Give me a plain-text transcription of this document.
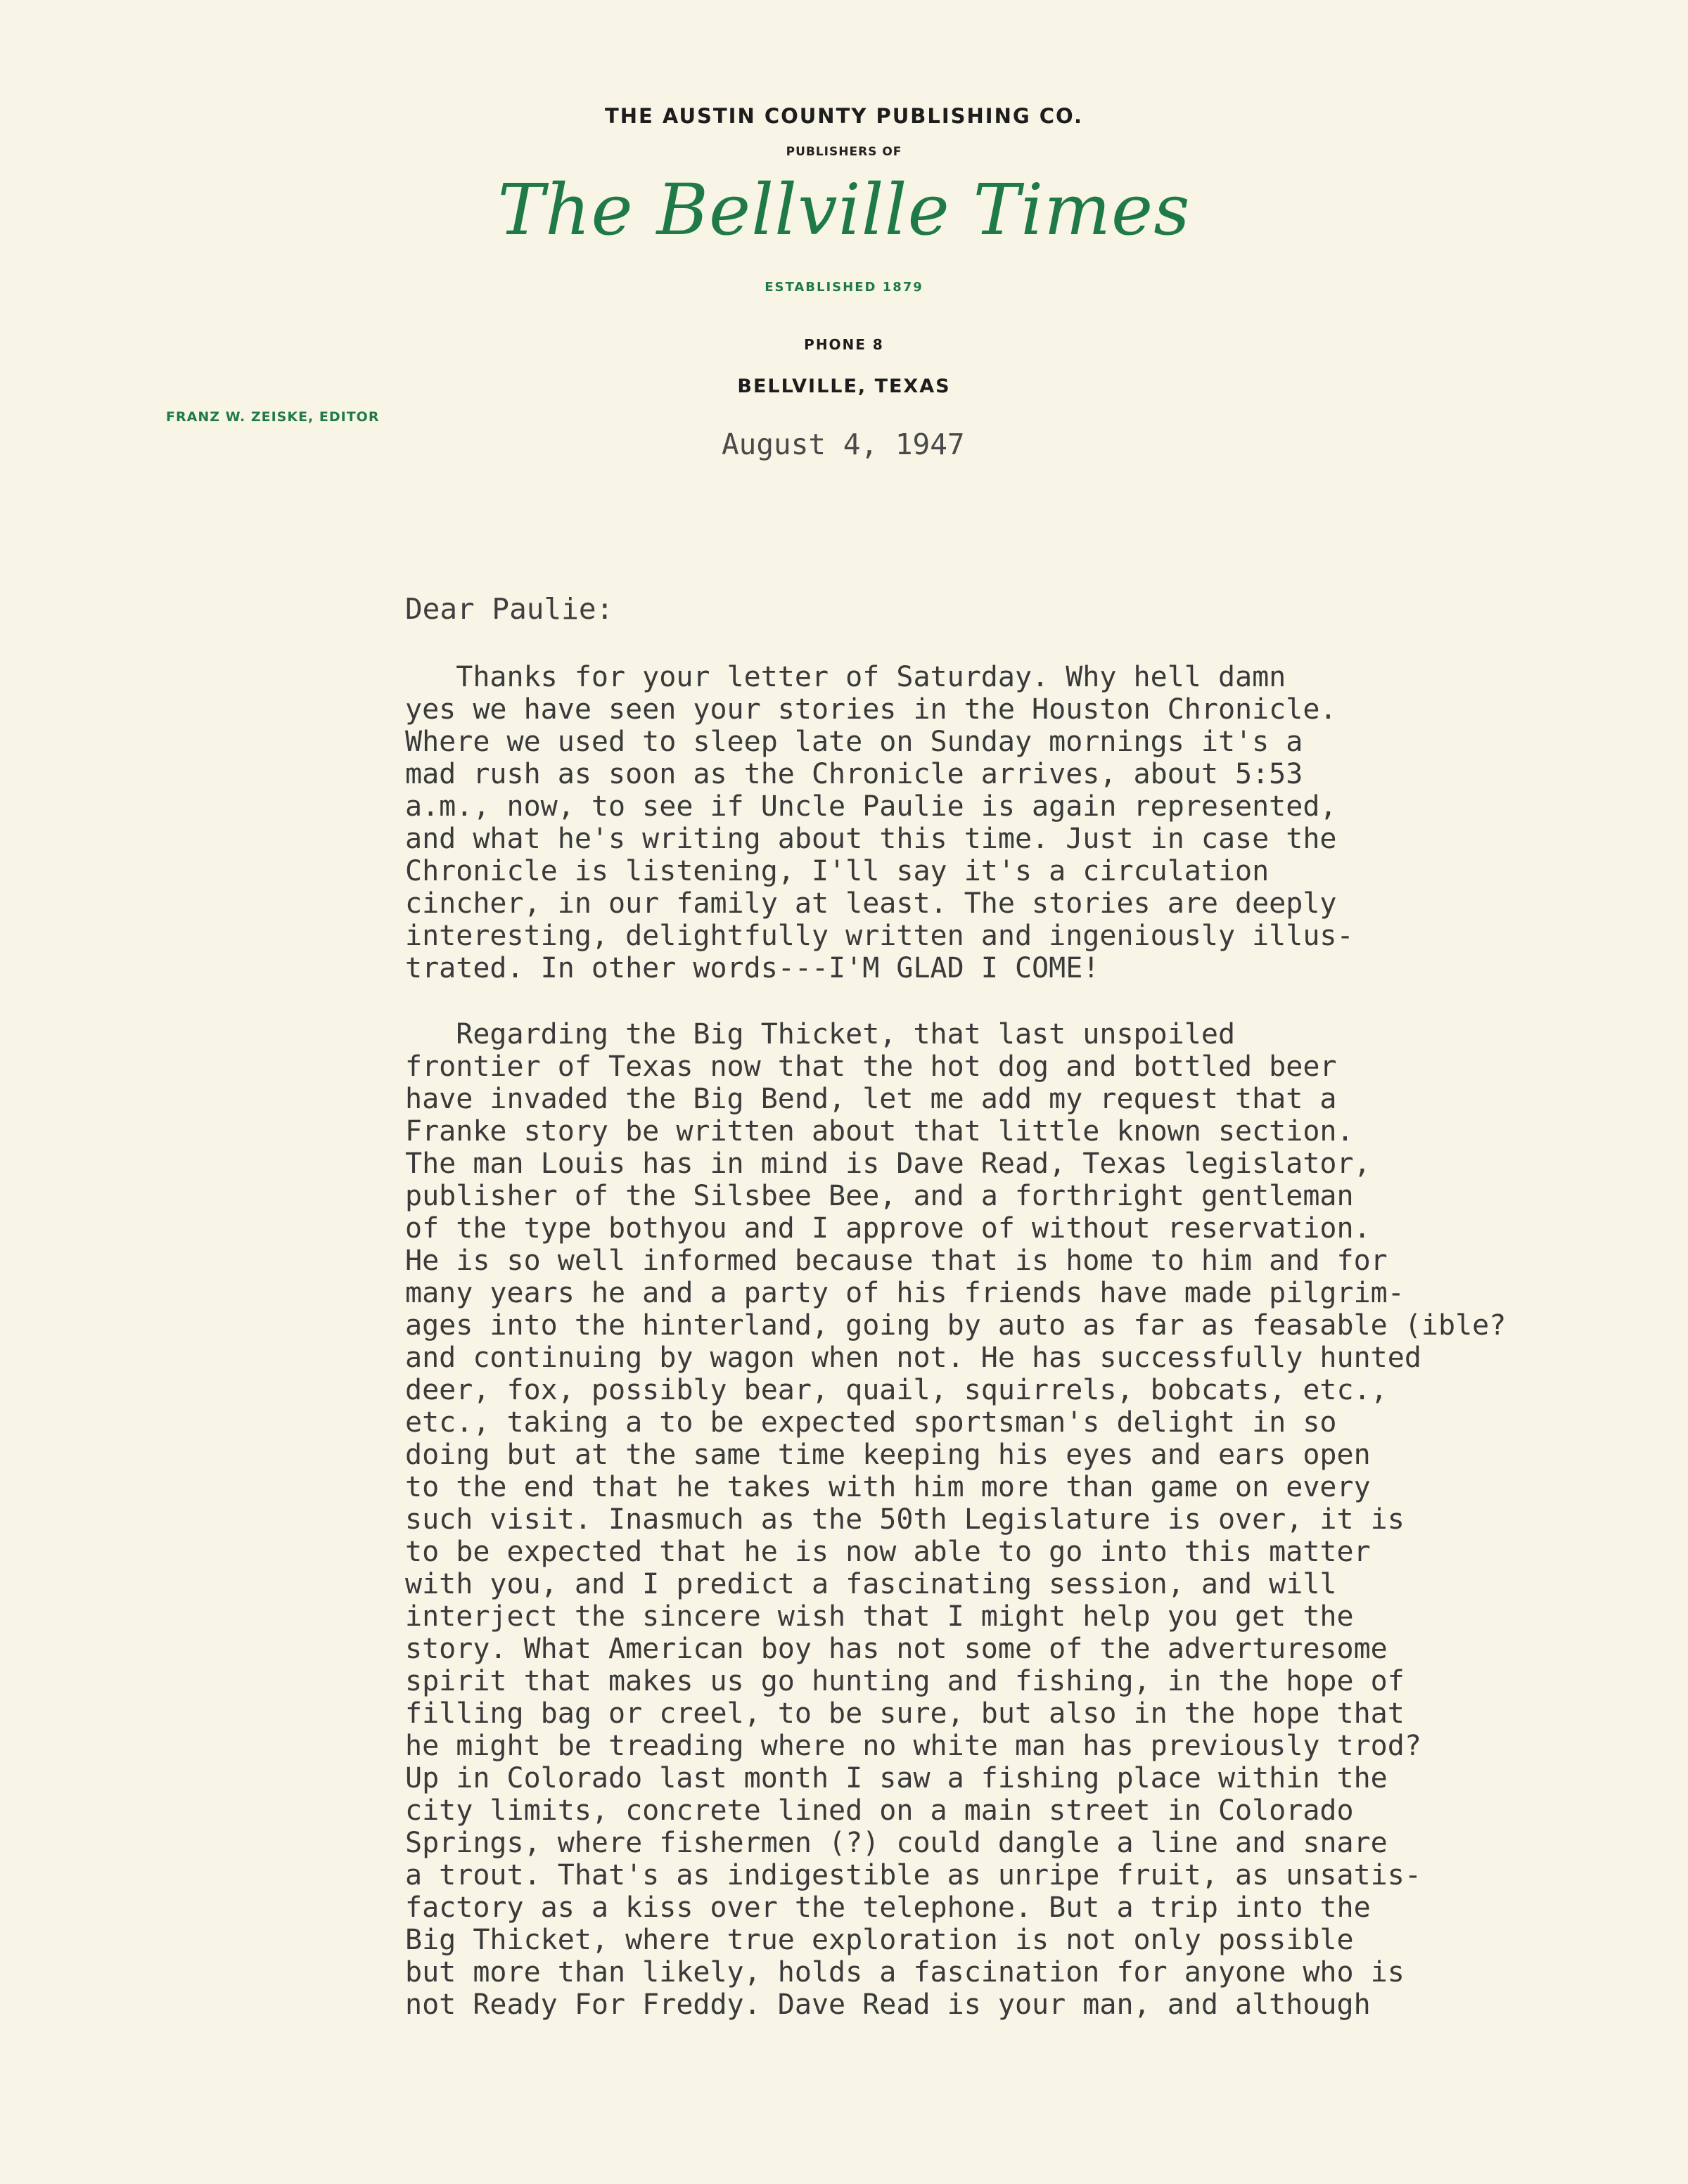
THE AUSTIN COUNTY PUBLISHING CO.
PUBLISHERS OF
The Bellville Times
ESTABLISHED 1879
PHONE 8
BELLVILLE, TEXAS
FRANZ W. ZEISKE, EDITOR
August 4, 1947
Dear Paulie:
Thanks for your letter of Saturday. Why hell damn
yes we have seen your stories in the Houston Chronicle.
Where we used to sleep late on Sunday mornings it's a
mad rush as soon as the Chronicle arrives, about 5:53
a.m., now, to see if Uncle Paulie is again represented,
and what he's writing about this time. Just in case the
Chronicle is listening, I'll say it's a circulation
cincher, in our family at least. The stories are deeply
interesting, delightfully written and ingeniously illus-
trated. In other words---I'M GLAD I COME!
Regarding the Big Thicket, that last unspoiled
frontier of Texas now that the hot dog and bottled beer
have invaded the Big Bend, let me add my request that a
Franke story be written about that little known section.
The man Louis has in mind is Dave Read, Texas legislator,
publisher of the Silsbee Bee, and a forthright gentleman
of the type bothyou and I approve of without reservation.
He is so well informed because that is home to him and for
many years he and a party of his friends have made pilgrim-
ages into the hinterland, going by auto as far as feasable (ible?
and continuing by wagon when not. He has successfully hunted
deer, fox, possibly bear, quail, squirrels, bobcats, etc.,
etc., taking a to be expected sportsman's delight in so
doing but at the same time keeping his eyes and ears open
to the end that he takes with him more than game on every
such visit. Inasmuch as the 50th Legislature is over, it is
to be expected that he is now able to go into this matter
with you, and I predict a fascinating session, and will
interject the sincere wish that I might help you get the
story. What American boy has not some of the adverturesome
spirit that makes us go hunting and fishing, in the hope of
filling bag or creel, to be sure, but also in the hope that
he might be treading where no white man has previously trod?
Up in Colorado last month I saw a fishing place within the
city limits, concrete lined on a main street in Colorado
Springs, where fishermen (?) could dangle a line and snare
a trout. That's as indigestible as unripe fruit, as unsatis-
factory as a kiss over the telephone. But a trip into the
Big Thicket, where true exploration is not only possible
but more than likely, holds a fascination for anyone who is
not Ready For Freddy. Dave Read is your man, and although
